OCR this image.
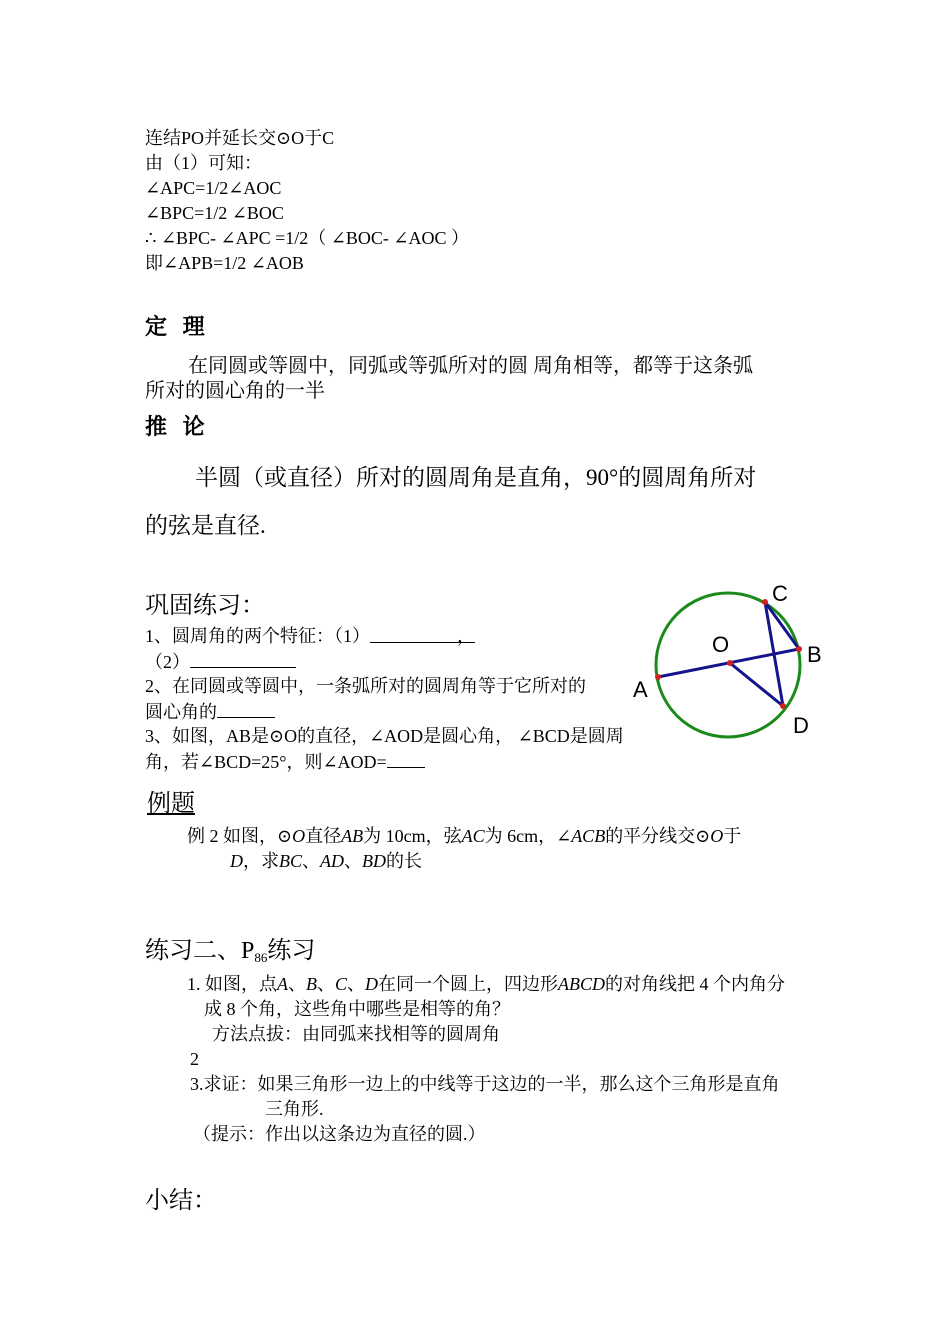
连结PO并延长交⊙O于C
由（1）可知：
∠APC=1/2∠AOC
∠BPC=1/2 ∠BOC
∴ ∠BPC- ∠APC =1/2（ ∠BOC- ∠AOC ）
即∠APB=1/2 ∠AOB
定 理
在同圆或等圆中，同弧或等弧所对的圆 周角相等，都等于这条弧
所对的圆心角的一半
推 论
半圆（或直径）所对的圆周角是直角，90°的圆周角所对
的弦是直径.
巩固练习：
1、圆周角的两个特征：（1）	，
（2）
2、在同圆或等圆中，一条弧所对的圆周角等于它所对的
圆心角的
3、如图，AB是⊙O的直径，∠AOD是圆心角， ∠BCD是圆周
角，若∠BCD=25°，则∠AOD=
A
B
C
D
O
例题
例 2 如图，⊙O直径AB为 10cm，弦AC为 6cm，∠ACB的平分线交⊙O于
D，求BC、AD、BD的长
练习二、$P_{86}$练习
1. 如图，点A、B、C、D在同一个圆上，四边形ABCD的对角线把 4 个内角分
成 8 个角，这些角中哪些是相等的角？
方法点拔：由同弧来找相等的圆周角
2
3.求证：如果三角形一边上的中线等于这边的一半，那么这个三角形是直角
三角形.
（提示：作出以这条边为直径的圆.）
小结：
